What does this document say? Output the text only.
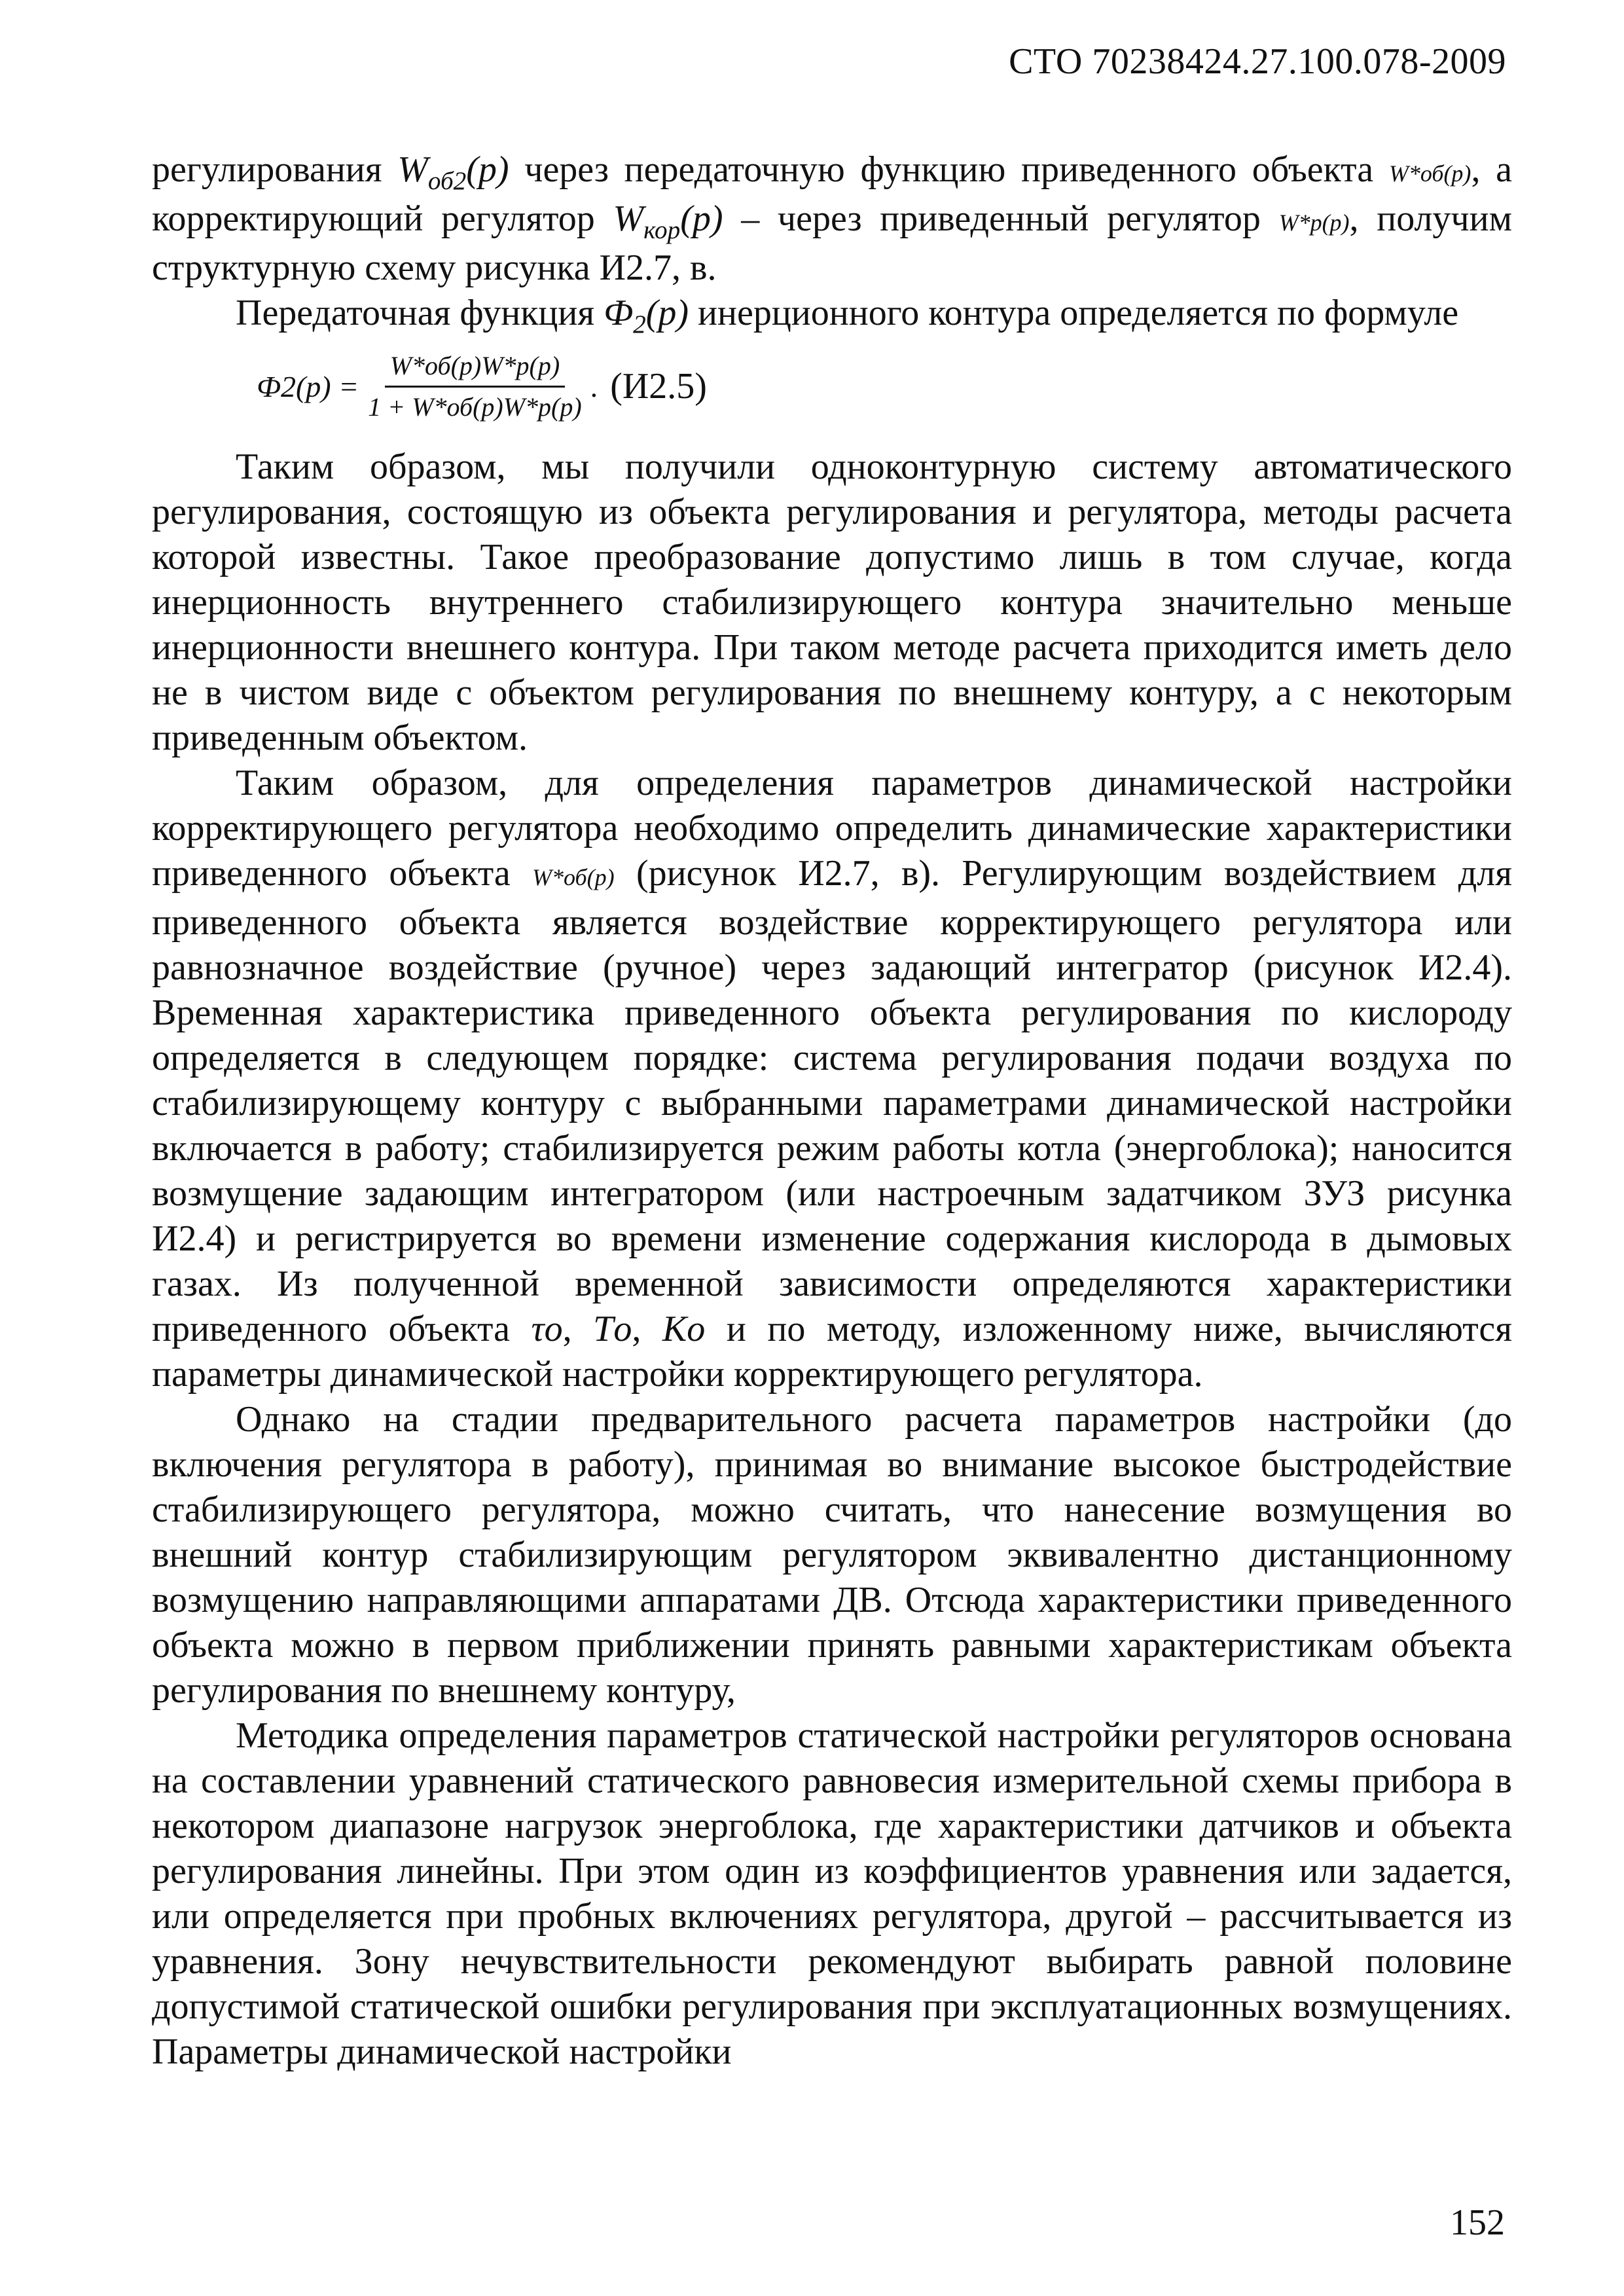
СТО 70238424.27.100.078-2009

регулирования $W_{об2}(p)$ через передаточную функцию приведенного объекта W*об(p), а корректирующий регулятор $W_{кор}(p)$ – через приведенный регулятор W*р(p), получим структурную схему рисунка И2.7, в.

Передаточная функция $Ф_2(p)$ инерционного контура определяется по формуле

$Ф2(p) = \frac{W*об(p)W*р(p)}{1 + W*об(p)W*р(p)}$ . (И2.5)

Таким образом, мы получили одноконтурную систему автоматического регулирования, состоящую из объекта регулирования и регулятора, методы расчета которой известны. Такое преобразование допустимо лишь в том случае, когда инерционность внутреннего стабилизирующего контура значительно меньше инерционности внешнего контура. При таком методе расчета приходится иметь дело не в чистом виде с объектом регулирования по внешнему контуру, а с некоторым приведенным объектом.

Таким образом, для определения параметров динамической настройки корректирующего регулятора необходимо определить динамические характеристики приведенного объекта W*об(p) (рисунок И2.7, в). Регулирующим воздействием для приведенного объекта является воздействие корректирующего регулятора или равнозначное воздействие (ручное) через задающий интегратор (рисунок И2.4). Временная характеристика приведенного объекта регулирования по кислороду определяется в следующем порядке: система регулирования подачи воздуха по стабилизирующему контуру с выбранными параметрами динамической настройки включается в работу; стабилизируется режим работы котла (энергоблока); наносится возмущение задающим интегратором (или настроечным задатчиком ЗУЗ рисунка И2.4) и регистрируется во времени изменение содержания кислорода в дымовых газах. Из полученной временной зависимости определяются характеристики приведенного объекта τо, Tо, Kо и по методу, изложенному ниже, вычисляются параметры динамической настройки корректирующего регулятора.

Однако на стадии предварительного расчета параметров настройки (до включения регулятора в работу), принимая во внимание высокое быстродействие стабилизирующего регулятора, можно считать, что нанесение возмущения во внешний контур стабилизирующим регулятором эквивалентно дистанционному возмущению направляющими аппаратами ДВ. Отсюда характеристики приведенного объекта можно в первом приближении принять равными характеристикам объекта регулирования по внешнему контуру,

Методика определения параметров статической настройки регуляторов основана на составлении уравнений статического равновесия измерительной схемы прибора в некотором диапазоне нагрузок энергоблока, где характеристики датчиков и объекта регулирования линейны. При этом один из коэффициентов уравнения или задается, или определяется при пробных включениях регулятора, другой – рассчитывается из уравнения. Зону нечувствительности рекомендуют выбирать равной половине допустимой статической ошибки регулирования при эксплуатационных возмущениях. Параметры динамической настройки

152
